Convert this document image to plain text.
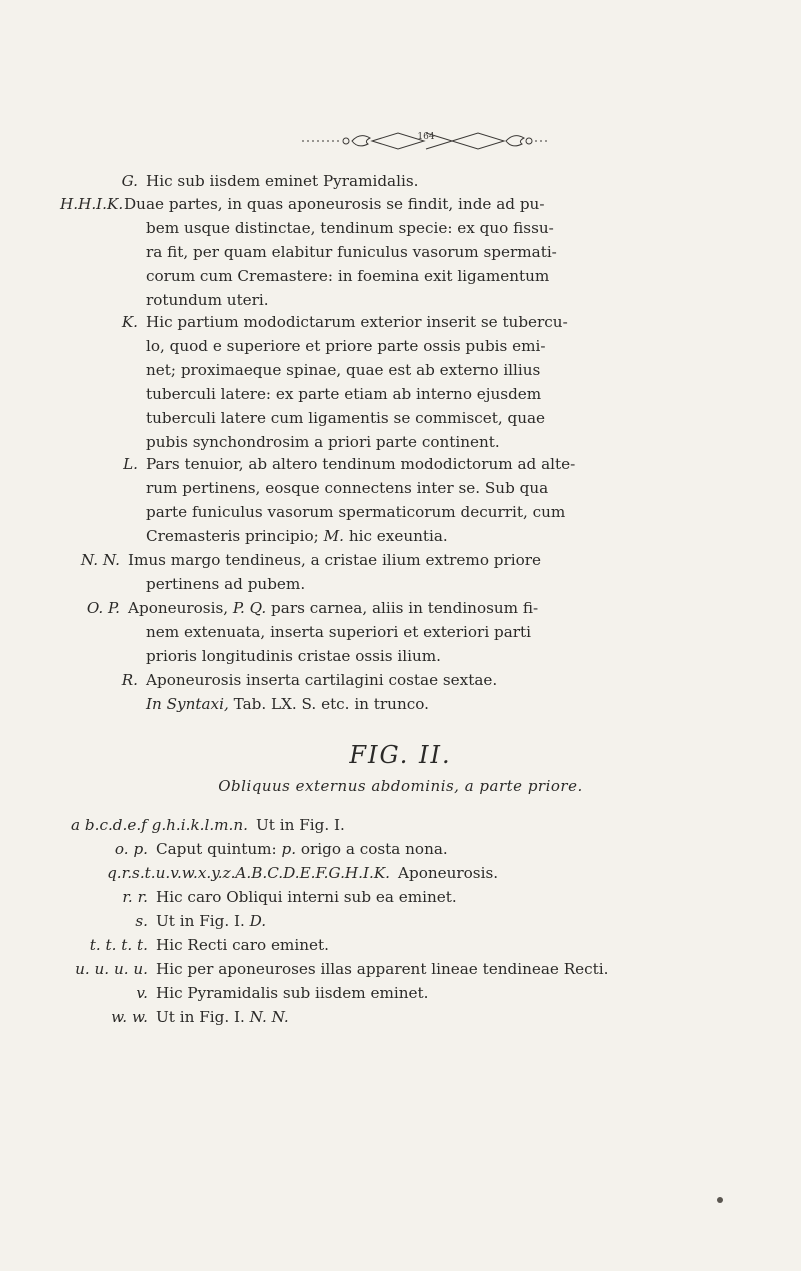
164
G. Hic sub iisdem eminet Pyramidalis.
H.H.I.K. Duae partes, in quas aponeurosis se findit, inde ad pu-
bem usque distinctae, tendinum specie: ex quo fissu-
ra fit, per quam elabitur funiculus vasorum spermati-
corum cum Cremastere: in foemina exit ligamentum
rotundum uteri.
K. Hic partium mododictarum exterior inserit se tubercu-
lo, quod e superiore et priore parte ossis pubis emi-
net; proximaeque spinae, quae est ab externo illius
tuberculi latere: ex parte etiam ab interno ejusdem
tuberculi latere cum ligamentis se commiscet, quae
pubis synchondrosim a priori parte continent.
L. Pars tenuior, ab altero tendinum mododictorum ad alte-
rum pertinens, eosque connectens inter se. Sub qua
parte funiculus vasorum spermaticorum decurrit, cum
Cremasteris principio; M. hic exeuntia.
N. N. Imus margo tendineus, a cristae ilium extremo priore
pertinens ad pubem.
O. P. Aponeurosis, P. Q. pars carnea, aliis in tendinosum fi-
nem extenuata, inserta superiori et exteriori parti
prioris longitudinis cristae ossis ilium.
R. Aponeurosis inserta cartilagini costae sextae.
In Syntaxi, Tab. LX. S. etc. in trunco.
FIG. II.
Obliquus externus abdominis, a parte priore.
a b.c.d.e.f g.h.i.k.l.m.n. Ut in Fig. I.
o. p. Caput quintum: p. origo a costa nona.
q.r.s.t.u.v.w.x.y.z.A.B.C.D.E.F.G.H.I.K. Aponeurosis.
r. r. Hic caro Obliqui interni sub ea eminet.
s. Ut in Fig. I. D.
t. t. t. t. Hic Recti caro eminet.
u. u. u. u. Hic per aponeuroses illas apparent lineae tendineae Recti.
v. Hic Pyramidalis sub iisdem eminet.
w. w. Ut in Fig. I. N. N.
